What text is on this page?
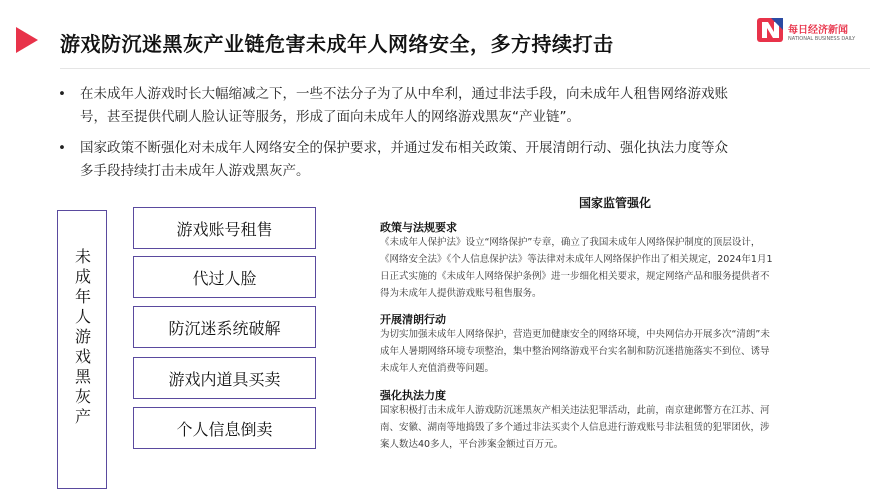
游戏防沉迷黑灰产业链危害未成年人网络安全，多方持续打击
每日经济新闻
NATIONAL BUSINESS DAILY
• 在未成年人游戏时长大幅缩减之下，一些不法分子为了从中牟利，通过非法手段，向未成年人租售网络游戏账
号，甚至提供代刷人脸认证等服务，形成了面向未成年人的网络游戏黑灰“产业链”。
• 国家政策不断强化对未成年人网络安全的保护要求，并通过发布相关政策、开展清朗行动、强化执法力度等众
多手段持续打击未成年人游戏黑灰产。
未
成
年
人
游
戏
黑
灰
产
游戏账号租售
代过人脸
防沉迷系统破解
游戏内道具买卖
个人信息倒卖
国家监管强化
政策与法规要求
《未成年人保护法》设立“网络保护”专章，确立了我国未成年人网络保护制度的顶层设计，
《网络安全法》《个人信息保护法》等法律对未成年人网络保护作出了相关规定，2024年1月1
日正式实施的《未成年人网络保护条例》进一步细化相关要求，规定网络产品和服务提供者不
得为未成年人提供游戏账号租售服务。
开展清朗行动
为切实加强未成年人网络保护，营造更加健康安全的网络环境，中央网信办开展多次“清朗”未
成年人暑期网络环境专项整治，集中整治网络游戏平台实名制和防沉迷措施落实不到位、诱导
未成年人充值消费等问题。
强化执法力度
国家积极打击未成年人游戏防沉迷黑灰产相关违法犯罪活动，此前，南京建邺警方在江苏、河
南、安徽、湖南等地捣毁了多个通过非法买卖个人信息进行游戏账号非法租赁的犯罪团伙，涉
案人数达40多人，平台涉案金额过百万元。
